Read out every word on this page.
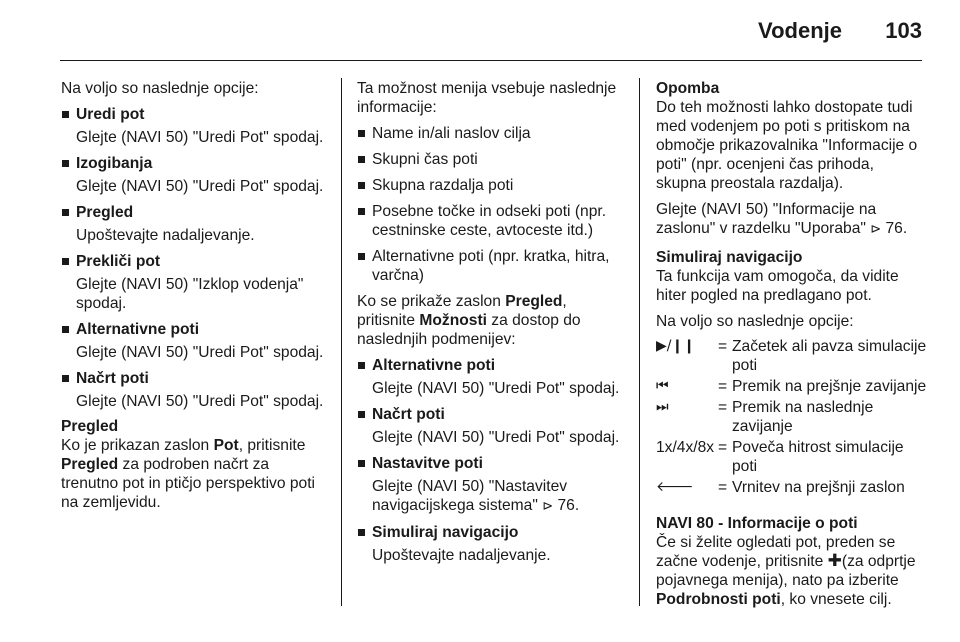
Vodenje 103

Na voljo so naslednje opcije:

Uredi pot

Glejte (NAVI 50) "Uredi Pot" spodaj.

Izogibanja

Glejte (NAVI 50) "Uredi Pot" spodaj.

Pregled

Upoštevajte nadaljevanje.

Prekliči pot

Glejte (NAVI 50) "Izklop vodenja" spodaj.

Alternativne poti

Glejte (NAVI 50) "Uredi Pot" spodaj.

Načrt poti

Glejte (NAVI 50) "Uredi Pot" spodaj.

Pregled

Ko je prikazan zaslon Pot, pritisnite Pregled za podroben načrt za trenutno pot in ptičjo perspektivo poti na zemljevidu.

Ta možnost menija vsebuje naslednje informacije:

Name in/ali naslov cilja
Skupni čas poti
Skupna razdalja poti
Posebne točke in odseki poti (npr. cestninske ceste, avtoceste itd.)
Alternativne poti (npr. kratka, hitra, varčna)

Ko se prikaže zaslon Pregled, pritisnite Možnosti za dostop do naslednjih podmenijev:

Alternativne poti

Glejte (NAVI 50) "Uredi Pot" spodaj.

Načrt poti

Glejte (NAVI 50) "Uredi Pot" spodaj.

Nastavitve poti

Glejte (NAVI 50) "Nastavitev navigacijskega sistema" ⊳ 76.

Simuliraj navigacijo

Upoštevajte nadaljevanje.

Opomba

Do teh možnosti lahko dostopate tudi med vodenjem po poti s pritiskom na območje prikazovalnika "Informacije o poti" (npr. ocenjeni čas prihoda, skupna preostala razdalja).

Glejte (NAVI 50) "Informacije na zaslonu" v razdelku "Uporaba" ⊳ 76.

Simuliraj navigacijo

Ta funkcija vam omogoča, da vidite hiter pogled na predlagano pot.

Na voljo so naslednje opcije:

▶/❙❙	= Začetek ali pavza simulacije poti
⏮	= Premik na prejšnje zavijanje
⏭	= Premik na naslednje zavijanje
1x/4x/8x = Poveča hitrost simulacije poti
🡐	= Vrnitev na prejšnji zaslon

NAVI 80 - Informacije o poti

Če si želite ogledati pot, preden se začne vodenje, pritisnite ✚(za odprtje pojavnega menija), nato pa izberite Podrobnosti poti, ko vnesete cilj.
